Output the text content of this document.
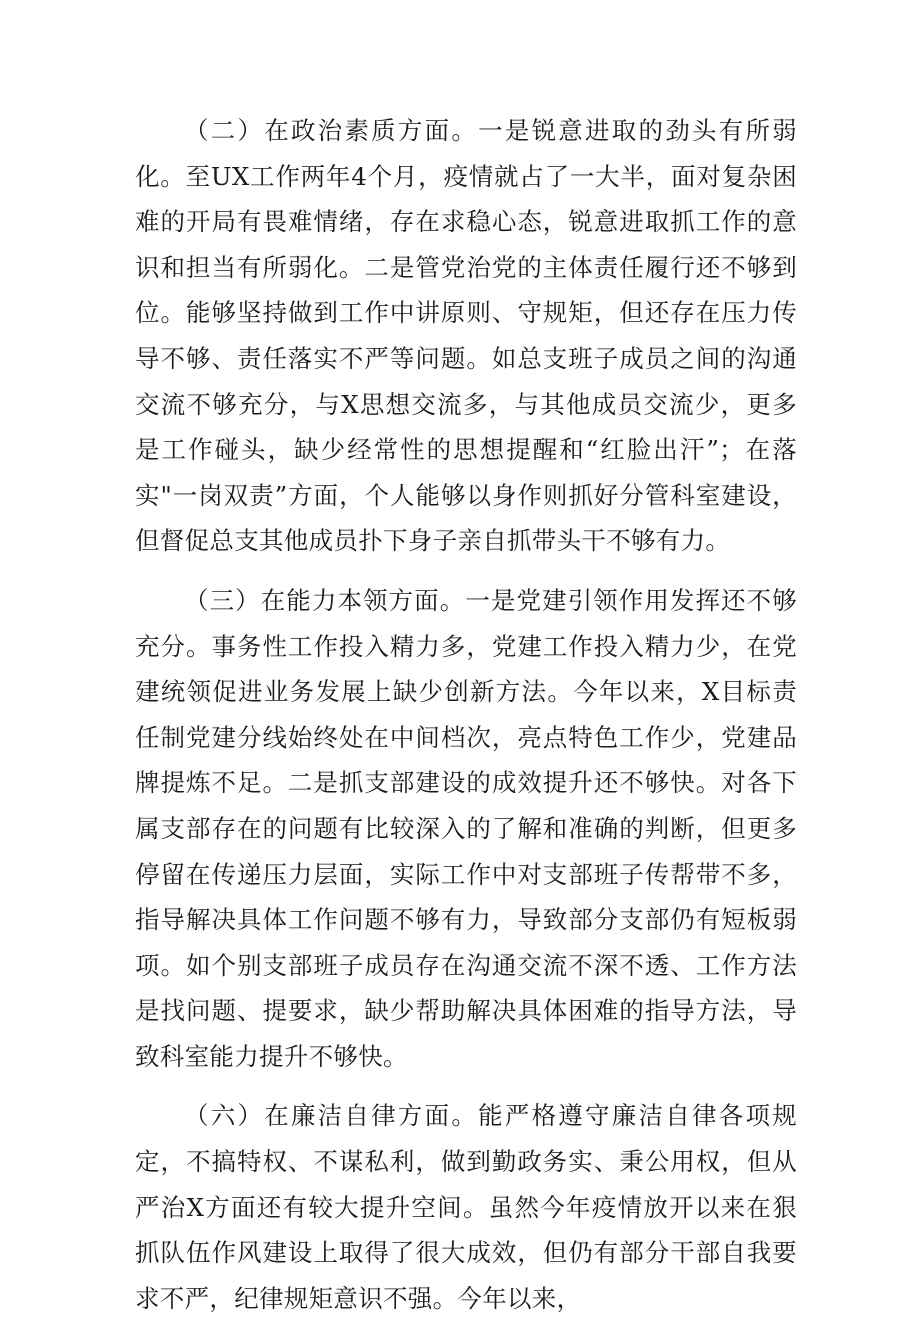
（二）在政治素质方面。一是锐意进取的劲头有所弱化。至UX工作两年4个月，疫情就占了一大半，面对复杂困难的开局有畏难情绪，存在求稳心态，锐意进取抓工作的意识和担当有所弱化。二是管党治党的主体责任履行还不够到位。能够坚持做到工作中讲原则、守规矩，但还存在压力传导不够、责任落实不严等问题。如总支班子成员之间的沟通交流不够充分，与X思想交流多，与其他成员交流少，更多是工作碰头，缺少经常性的思想提醒和“红脸出汗”；在落实"一岗双责”方面，个人能够以身作则抓好分管科室建设，但督促总支其他成员扑下身子亲自抓带头干不够有力。

（三）在能力本领方面。一是党建引领作用发挥还不够充分。事务性工作投入精力多，党建工作投入精力少，在党建统领促进业务发展上缺少创新方法。今年以来，X目标责任制党建分线始终处在中间档次，亮点特色工作少，党建品牌提炼不足。二是抓支部建设的成效提升还不够快。对各下属支部存在的问题有比较深入的了解和准确的判断，但更多停留在传递压力层面，实际工作中对支部班子传帮带不多，指导解决具体工作问题不够有力，导致部分支部仍有短板弱项。如个别支部班子成员存在沟通交流不深不透、工作方法是找问题、提要求，缺少帮助解决具体困难的指导方法，导致科室能力提升不够快。

（六）在廉洁自律方面。能严格遵守廉洁自律各项规定，不搞特权、不谋私利，做到勤政务实、秉公用权，但从严治X方面还有较大提升空间。虽然今年疫情放开以来在狠抓队伍作风建设上取得了很大成效，但仍有部分干部自我要求不严，纪律规矩意识不强。今年以来，
